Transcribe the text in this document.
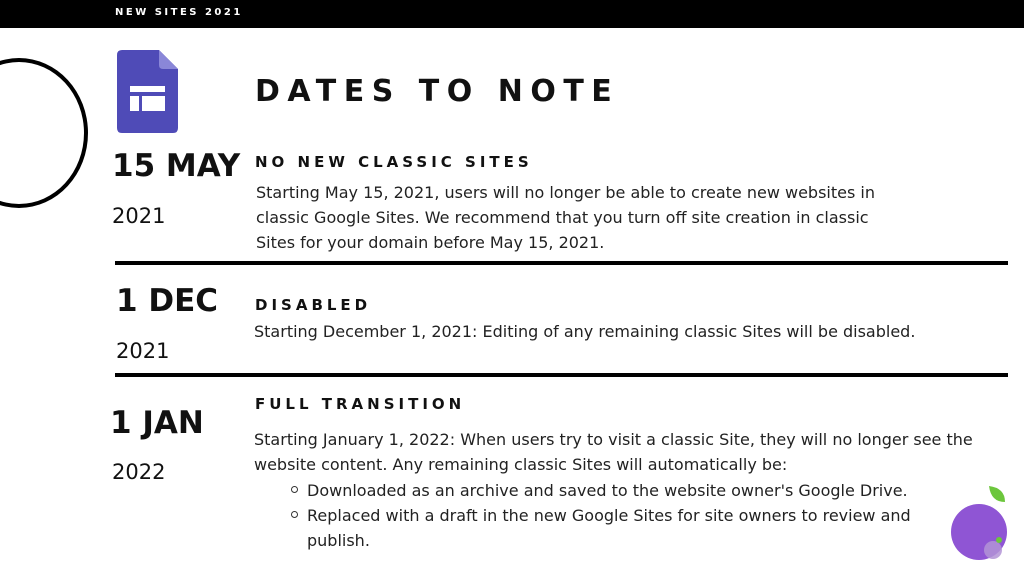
NEW SITES 2021
DATES TO NOTE
15 MAY
2021
NO NEW CLASSIC SITES
Starting May 15, 2021, users will no longer be able to create new websites in
classic Google Sites. We recommend that you turn off site creation in classic
Sites for your domain before May 15, 2021.
1 DEC
2021
DISABLED
Starting December 1, 2021: Editing of any remaining classic Sites will be disabled.
1 JAN
2022
FULL TRANSITION
Starting January 1, 2022: When users try to visit a classic Site, they will no longer see the
website content. Any remaining classic Sites will automatically be:
Downloaded as an archive and saved to the website owner's Google Drive.
Replaced with a draft in the new Google Sites for site owners to review and publish.
